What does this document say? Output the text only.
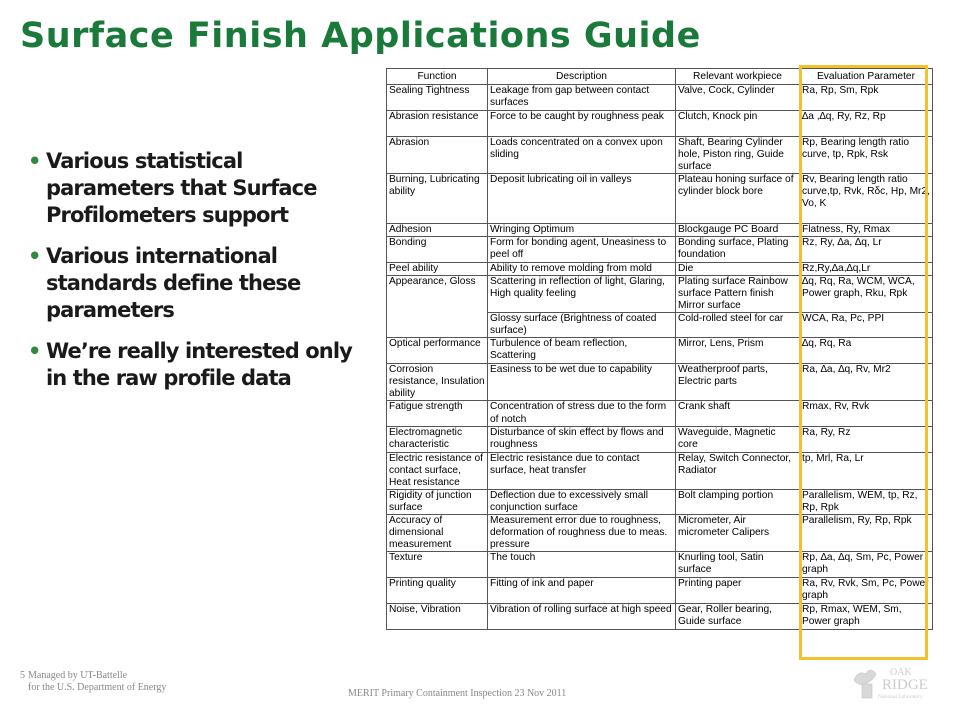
Surface Finish Applications Guide
• Various statistical parameters that Surface Profilometers support
• Various international standards define these parameters
• We’re really interested only in the raw profile data
Function	Description	Relevant workpiece	Evaluation Parameter
Sealing Tightness	Leakage from gap between contact surfaces	Valve, Cock, Cylinder	Ra, Rp, Sm, Rpk
Abrasion resistance	Force to be caught by roughness peak	Clutch, Knock pin	∆a ,∆q, Ry, Rz, Rp
Abrasion	Loads concentrated on a convex upon sliding	Shaft, Bearing Cylinder hole, Piston ring, Guide surface	Rp, Bearing length ratio curve, tp, Rpk, Rsk
Burning, Lubricating ability	Deposit lubricating oil in valleys	Plateau honing surface of cylinder block bore	Rv, Bearing length ratio curve,tp, Rvk, Rδc, Hp, Mr2, Vo, K
Adhesion	Wringing Optimum	Blockgauge PC Board	Flatness, Ry, Rmax
Bonding	Form for bonding agent, Uneasiness to peel off	Bonding surface, Plating foundation	Rz, Ry, ∆a, ∆q, Lr
Peel ability	Ability to remove molding from mold	Die	Rz,Ry,∆a,∆q,Lr
Appearance, Gloss	Scattering in reflection of light, Glaring, High quality feeling	Plating surface Rainbow surface Pattern finish Mirror surface	∆q, Rq, Ra, WCM, WCA, Power graph, Rku, Rpk
	Glossy surface (Brightness of coated surface)	Cold-rolled steel for car	WCA, Ra, Pc, PPI
Optical performance	Turbulence of beam reflection, Scattering	Mirror, Lens, Prism	∆q, Rq, Ra
Corrosion resistance, Insulation ability	Easiness to be wet due to capability	Weatherproof parts, Electric parts	Ra, ∆a, ∆q, Rv, Mr2
Fatigue strength	Concentration of stress due to the form of notch	Crank shaft	Rmax, Rv, Rvk
Electromagnetic characteristic	Disturbance of skin effect by flows and roughness	Waveguide, Magnetic core	Ra, Ry, Rz
Electric resistance of contact surface, Heat resistance	Electric resistance due to contact surface, heat transfer	Relay, Switch Connector, Radiator	tp, Mrl, Ra, Lr
Rigidity of junction surface	Deflection due to excessively small conjunction surface	Bolt clamping portion	Parallelism, WEM, tp, Rz, Rp, Rpk
Accuracy of dimensional measurement	Measurement error due to roughness, deformation of roughness due to meas. pressure	Micrometer, Air micrometer Calipers	Parallelism, Ry, Rp, Rpk
Texture	The touch	Knurling tool, Satin surface	Rp, ∆a, ∆q, Sm, Pc, Power graph
Printing quality	Fitting of ink and paper	Printing paper	Ra, Rv, Rvk, Sm, Pc, Power graph
Noise, Vibration	Vibration of rolling surface at high speed	Gear, Roller bearing, Guide surface	Rp, Rmax, WEM, Sm, Power graph
5 Managed by UT-Battelle
for the U.S. Department of Energy
MERIT Primary Containment Inspection 23 Nov 2011
OAK
RIDGE
National Laboratory
